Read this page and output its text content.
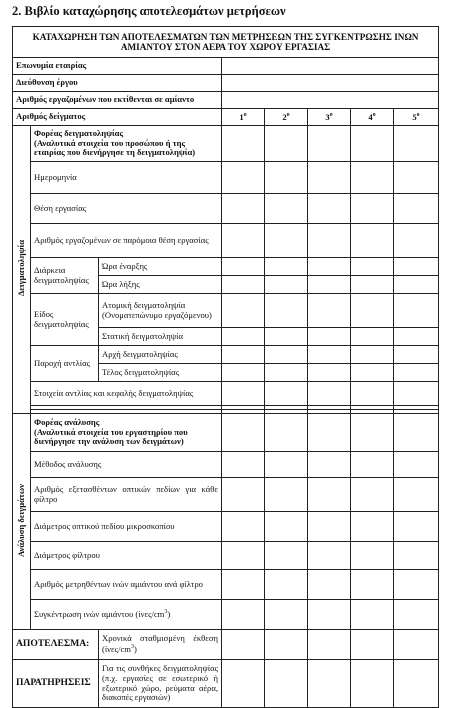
2. Βιβλίο καταχώρησης αποτελεσμάτων μετρήσεων
ΚΑΤΑΧΩΡΗΣΗ ΤΩΝ ΑΠΟΤΕΛΕΣΜΑΤΩΝ ΤΩΝ ΜΕΤΡΗΣΕΩΝ ΤΗΣ ΣΥΓΚΕΝΤΡΩΣΗΣ ΙΝΩΝ ΑΜΙΑΝΤΟΥ ΣΤΟΝ ΑΕΡΑ ΤΟΥ ΧΩΡΟΥ ΕΡΓΑΣΙΑΣ							
Επωνυμία εταιρίας							
Διεύθυνση έργου							
Αριθμός εργαζομένων που εκτίθενται σε αμίαντο							
Αριθμός δείγματος			$1^o$	$2^o$	$3^o$	$4^o$	$5^o$
Δειγματοληψία	Φορέας δειγματοληψίας
(Αναλυτικά στοιχεία του προσώπου ή της εταιρίας που διενήργησε τη δειγματοληψία)						

	Ημερομηνία						
	Θέση εργασίας						
	Αριθμός εργαζομένων σε παρόμοια θέση εργασίας						
	Διάρκεια δειγματοληψίας	Ώρα έναρξης					
		Ώρα λήξης					
	Είδος δειγματοληψίας	Ατομική δειγματοληψία (Ονοματεπώνυμο εργαζόμενου)					
		Στατική δειγματοληψία					
	Παροχή αντλίας	Αρχή δειγματοληψίας					
		Τέλος δειγματοληψίας					
	Στοιχεία αντλίας και κεφαλής δειγματοληψίας						

Ανάλυση δειγμάτων	Φορέας ανάλυσης
(Αναλυτικά στοιχεία του εργαστηρίου που διενήργησε την ανάλυση των δειγμάτων)						

	Μέθοδος ανάλυσης						
	Αριθμός εξετασθέντων οπτικών πεδίων για κάθε φίλτρο						
	Διάμετρος οπτικού πεδίου μικροσκοπίου						
	Διάμετρος φίλτρου						
	Αριθμός μετρηθέντων ινών αμιάντου ανά φίλτρο						
	Συγκέντρωση ινών αμιάντου $(ί\nu\varepsilon\varsigma/cm^3)$						
ΑΠΟΤΕΛΕΣΜΑ:		Χρονικά σταθμισμένη έκθεση $(ί\nu\varepsilon\varsigma/cm^3)$					
ΠΑΡΑΤΗΡΗΣΕΙΣ		Για τις συνθήκες δειγματοληψίας (π.χ. εργασίες σε εσωτερικό ή εξωτερικό χώρο, ρεύματα αέρα, διακοπές εργασιών)					
